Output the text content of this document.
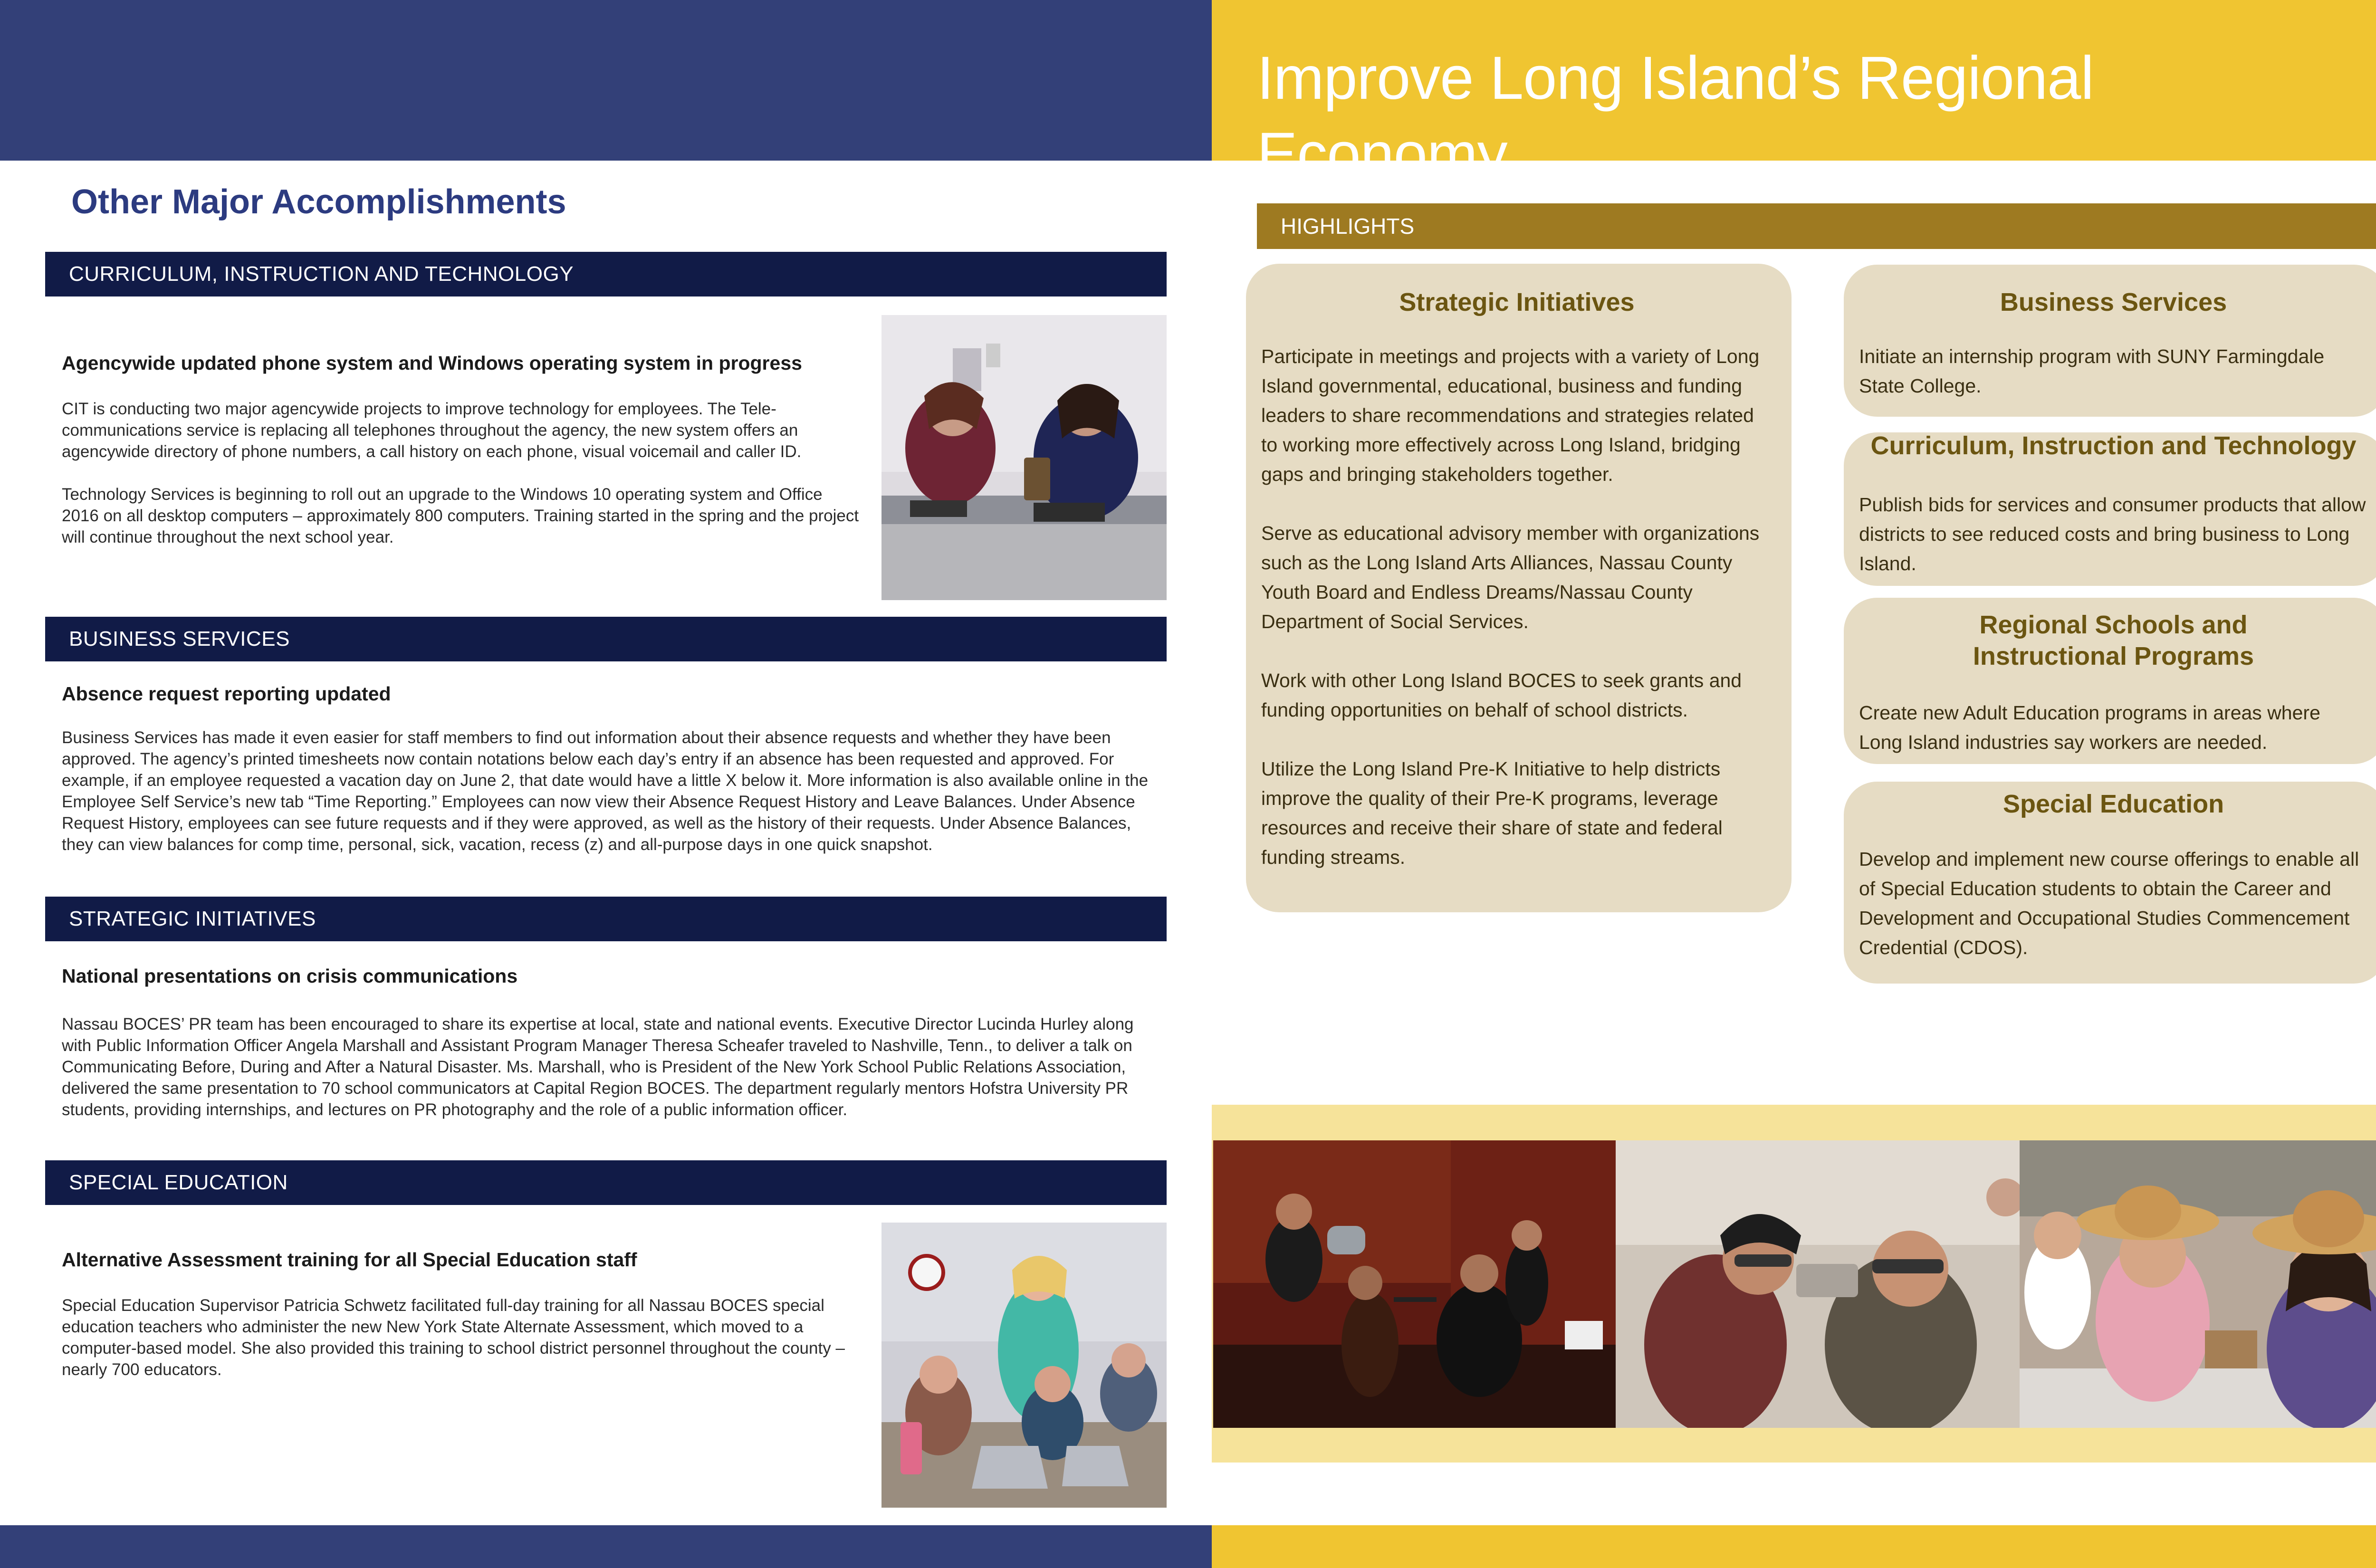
Improve Long Island’s Regional Economy
Other Major Accomplishments
CURRICULUM, INSTRUCTION AND TECHNOLOGY
Agencywide updated phone system and Windows operating system in progress

CIT is conducting two major agencywide projects to improve technology for employees. The Tele-communications service is replacing all telephones throughout the agency, the new system offers an agencywide directory of phone numbers, a call history on each phone, visual voicemail and caller ID.

Technology Services is beginning to roll out an upgrade to the Windows 10 operating system and Office 2016 on all desktop computers – approximately 800 computers. Training started in the spring and the project will continue throughout the next school year.

BUSINESS SERVICES
Absence request reporting updated

Business Services has made it even easier for staff members to find out information about their absence requests and whether they have been approved. The agency’s printed timesheets now contain notations below each day’s entry if an absence has been requested and approved. For example, if an employee requested a vacation day on June 2, that date would have a little X below it. More information is also available online in the Employee Self Service’s new tab “Time Reporting.” Employees can now view their Absence Request History and Leave Balances. Under Absence Request History, employees can see future requests and if they were approved, as well as the history of their requests. Under Absence Balances, they can view balances for comp time, personal, sick, vacation, recess (z) and all-purpose days in one quick snapshot.

STRATEGIC INITIATIVES
National presentations on crisis communications

Nassau BOCES’ PR team has been encouraged to share its expertise at local, state and national events. Executive Director Lucinda Hurley along with Public Information Officer Angela Marshall and Assistant Program Manager Theresa Scheafer traveled to Nashville, Tenn., to deliver a talk on Communicating Before, During and After a Natural Disaster. Ms. Marshall, who is President of the New York School Public Relations Association, delivered the same presentation to 70 school communicators at Capital Region BOCES. The department regularly mentors Hofstra University PR students, providing internships, and lectures on PR photography and the role of a public information officer.

SPECIAL EDUCATION
Alternative Assessment training for all Special Education staff

Special Education Supervisor Patricia Schwetz facilitated full-day training for all Nassau BOCES special education teachers who administer the new New York State Alternate Assessment, which moved to a computer-based model. She also provided this training to school district personnel throughout the county – nearly 700 educators.

HIGHLIGHTS
Strategic Initiatives

Participate in meetings and projects with a variety of Long Island governmental, educational, business and funding leaders to share recommendations and strategies related to working more effectively across Long Island, bridging gaps and bringing stakeholders together.

Serve as educational advisory member with organizations such as the Long Island Arts Alliances, Nassau County Youth Board and Endless Dreams/Nassau County Department of Social Services.

Work with other Long Island BOCES to seek grants and funding opportunities on behalf of school districts.

Utilize the Long Island Pre-K Initiative to help districts improve the quality of their Pre-K programs, leverage resources and receive their share of state and federal funding streams.

Business Services
Initiate an internship program with SUNY Farmingdale State College.
Curriculum, Instruction and Technology
Publish bids for services and consumer products that allow districts to see reduced costs and bring business to Long Island.
Regional Schools and Instructional Programs
Create new Adult Education programs in areas where Long Island industries say workers are needed.
Special Education
Develop and implement new course offerings to enable all of Special Education students to obtain the Career and Development and Occupational Studies Commencement Credential (CDOS).
